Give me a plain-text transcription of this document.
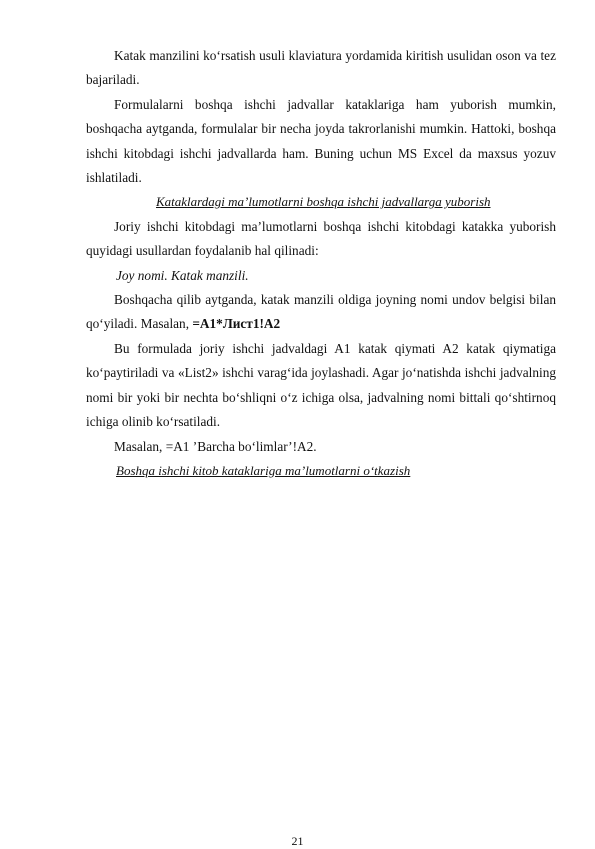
Katak manzilini ko‘rsatish usuli klaviatura yordamida kiritish usulidan oson va tez bajariladi.

Formulalarni boshqa ishchi jadvallar kataklariga ham yuborish mumkin, boshqacha aytganda, formulalar bir necha joyda takrorlanishi mumkin. Hattoki, boshqa ishchi kitobdagi ishchi jadvallarda ham. Buning uchun MS Excel da maxsus yozuv ishlatiladi.

Kataklardagi ma’lumotlarni boshqa ishchi jadvallarga yuborish

Joriy ishchi kitobdagi ma’lumotlarni boshqa ishchi kitobdagi katakka yuborish quyidagi usullardan foydalanib hal qilinadi:

Joy nomi. Katak manzili.

Boshqacha qilib aytganda, katak manzili oldiga joyning nomi undov belgisi bilan qo‘yiladi. Masalan, =A1*Лист1!A2

Bu formulada joriy ishchi jadvaldagi A1 katak qiymati A2 katak qiymatiga ko‘paytiriladi va «List2» ishchi varag‘ida joylashadi. Agar jo‘natishda ishchi jadvalning nomi bir yoki bir nechta bo‘shliqni o‘z ichiga olsa, jadvalning nomi bittali qo‘shtirnoq ichiga olinib ko‘rsatiladi.

Masalan, =A1 ’Barcha bo‘limlar’!A2.

Boshqa ishchi kitob kataklariga ma’lumotlarni o‘tkazish

21
